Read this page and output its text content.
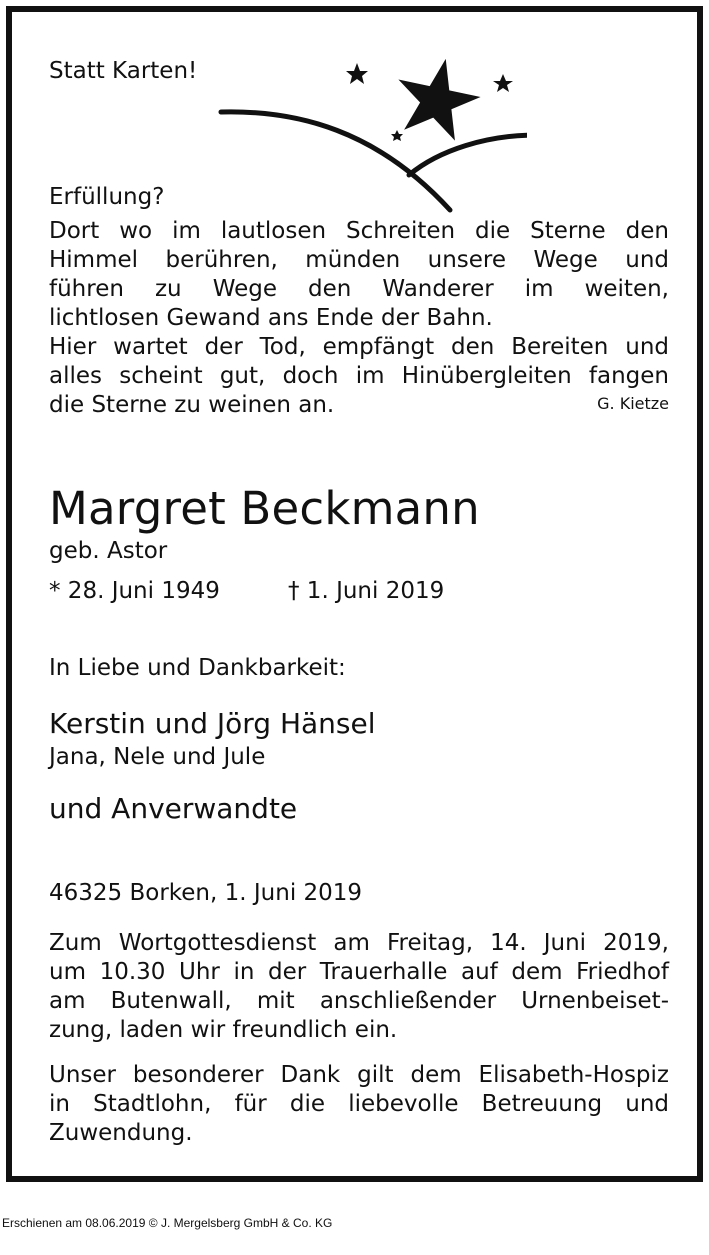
Statt Karten!
Erfüllung?
Dort wo im lautlosen Schreiten die Sterne den
Himmel berühren, münden unsere Wege und
führen zu Wege den Wanderer im weiten,
lichtlosen Gewand ans Ende der Bahn.
Hier wartet der Tod, empfängt den Bereiten und
alles scheint gut, doch im Hinübergleiten fangen
die Sterne zu weinen an.	G. Kietze
Margret Beckmann
geb. Astor
* 28. Juni 1949	† 1. Juni 2019
In Liebe und Dankbarkeit:
Kerstin und Jörg Hänsel
Jana, Nele und Jule
und Anverwandte
46325 Borken, 1. Juni 2019
Zum Wortgottesdienst am Freitag, 14. Juni 2019,
um 10.30 Uhr in der Trauerhalle auf dem Friedhof
am Butenwall, mit anschließender Urnenbeiset-
zung, laden wir freundlich ein.
Unser besonderer Dank gilt dem Elisabeth-Hospiz
in Stadtlohn, für die liebevolle Betreuung und
Zuwendung.
Erschienen am 08.06.2019 © J. Mergelsberg GmbH & Co. KG
